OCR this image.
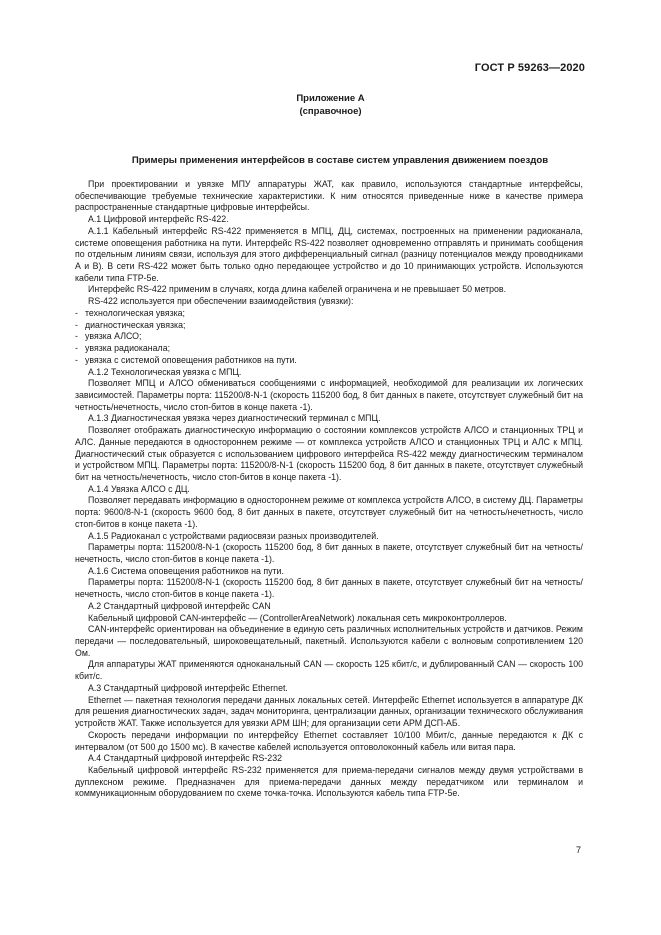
ГОСТ Р 59263—2020
Приложение А
(справочное)
Примеры применения интерфейсов в составе систем управления движением поездов

При проектировании и увязке МПУ аппаратуры ЖАТ, как правило, используются стандартные интерфейсы, обеспечивающие требуемые технические характеристики. К ним относятся приведенные ниже в качестве примера распространенные стандартные цифровые интерфейсы.

А.1 Цифровой интерфейс RS-422.

А.1.1 Кабельный интерфейс RS-422 применяется в МПЦ, ДЦ, системах, построенных на применении радиоканала, системе оповещения работника на пути. Интерфейс RS-422 позволяет одновременно отправлять и принимать сообщения по отдельным линиям связи, используя для этого дифференциальный сигнал (разницу потенциалов между проводниками А и В). В сети RS-422 может быть только одно передающее устройство и до 10 принимающих устройств. Используются кабели типа FTP-5e.

Интерфейс RS-422 применим в случаях, когда длина кабелей ограничена и не превышает 50 метров.

RS-422 используется при обеспечении взаимодействия (увязки):

- технологическая увязка;

- диагностическая увязка;

- увязка АЛСО;

- увязка радиоканала;

- увязка с системой оповещения работников на пути.

А.1.2 Технологическая увязка с МПЦ.

Позволяет МПЦ и АЛСО обмениваться сообщениями с информацией, необходимой для реализации их логических зависимостей. Параметры порта: 115200/8-N-1 (скорость 115200 бод, 8 бит данных в пакете, отсутствует служебный бит на четность/нечетность, число стоп-битов в конце пакета -1).

А.1.3 Диагностическая увязка через диагностический терминал с МПЦ.

Позволяет отображать диагностическую информацию о состоянии комплексов устройств АЛСО и станционных ТРЦ и АЛС. Данные передаются в одностороннем режиме — от комплекса устройств АЛСО и станционных ТРЦ и АЛС к МПЦ. Диагностический стык образуется с использованием цифрового интерфейса RS-422 между диагностическим терминалом и устройством МПЦ. Параметры порта: 115200/8-N-1 (скорость 115200 бод, 8 бит данных в пакете, отсутствует служебный бит на четность/нечетность, число стоп-битов в конце пакета -1).

А.1.4 Увязка АЛСО с ДЦ.

Позволяет передавать информацию в одностороннем режиме от комплекса устройств АЛСО, в систему ДЦ. Параметры порта: 9600/8-N-1 (скорость 9600 бод, 8 бит данных в пакете, отсутствует служебный бит на четность/нечетность, число стоп-битов в конце пакета -1).

А.1.5 Радиоканал с устройствами радиосвязи разных производителей.

Параметры порта: 115200/8-N-1 (скорость 115200 бод, 8 бит данных в пакете, отсутствует служебный бит на четность/нечетность, число стоп-битов в конце пакета -1).

А.1.6 Система оповещения работников на пути.

Параметры порта: 115200/8-N-1 (скорость 115200 бод, 8 бит данных в пакете, отсутствует служебный бит на четность/нечетность, число стоп-битов в конце пакета -1).

А.2 Стандартный цифровой интерфейс CAN

Кабельный цифровой CAN-интерфейс — (ControllerAreaNetwork) локальная сеть микроконтроллеров.

CAN-интерфейс ориентирован на объединение в единую сеть различных исполнительных устройств и датчиков. Режим передачи — последовательный, широковещательный, пакетный. Используются кабели с волновым сопротивлением 120 Ом.

Для аппаратуры ЖАТ применяются одноканальный CAN — скорость 125 кбит/с, и дублированный CAN — скорость 100 кбит/с.

А.3 Стандартный цифровой интерфейс Ethernet.

Ethernet — пакетная технология передачи данных локальных сетей. Интерфейс Ethernet используется в аппаратуре ДК для решения диагностических задач, задач мониторинга, централизации данных, организации технического обслуживания устройств ЖАТ. Также используется для увязки АРМ ШН; для организации сети АРМ ДСП-АБ.

Скорость передачи информации по интерфейсу Ethernet составляет 10/100 Мбит/с, данные передаются к ДК с интервалом (от 500 до 1500 мс). В качестве кабелей используется оптоволоконный кабель или витая пара.

А.4 Стандартный цифровой интерфейс RS-232

Кабельный цифровой интерфейс RS-232 применяется для приема-передачи сигналов между двумя устройствами в дуплексном режиме. Предназначен для приема-передачи данных между передатчиком или терминалом и коммуникационным оборудованием по схеме точка-точка. Используются кабель типа FTP-5е.

7
